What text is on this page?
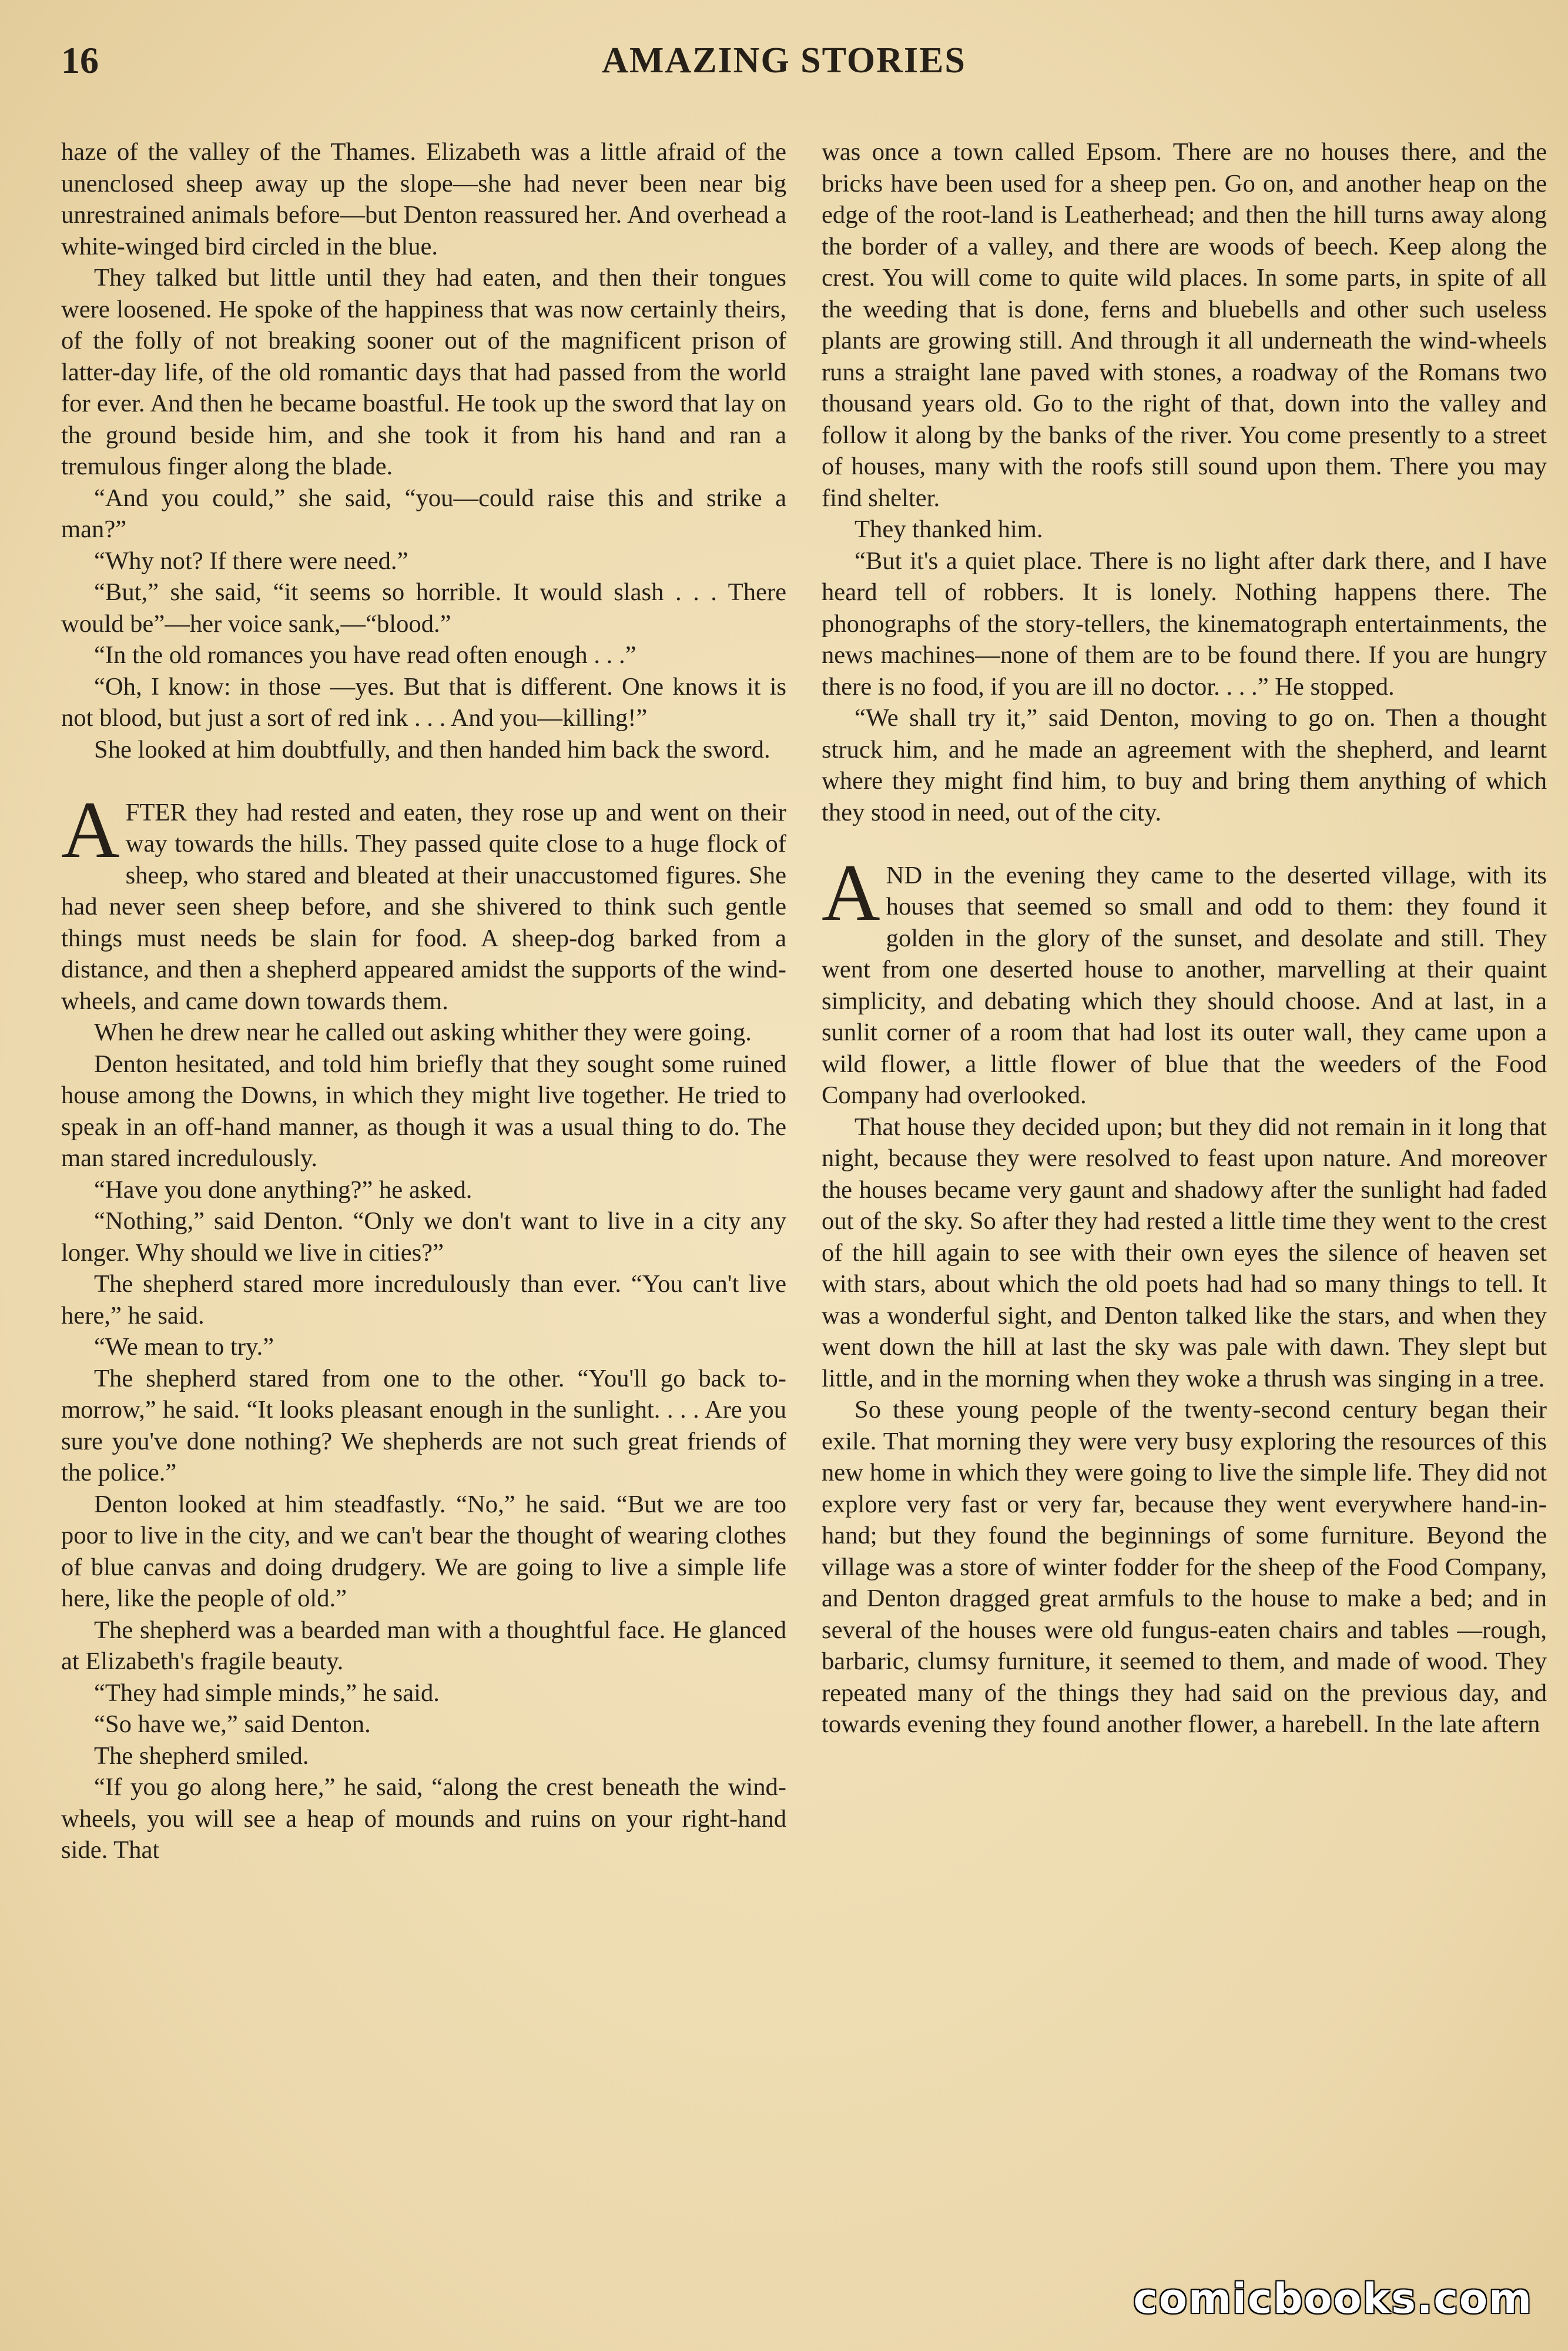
16	AMAZING STORIES

haze of the valley of the Thames. Elizabeth was a little afraid of the unenclosed sheep away up the slope—she had never been near big unrestrained animals before—but Denton reassured her. And overhead a white-winged bird circled in the blue.

They talked but little until they had eaten, and then their tongues were loosened. He spoke of the happiness that was now certainly theirs, of the folly of not breaking sooner out of the magnificent prison of latter-day life, of the old romantic days that had passed from the world for ever. And then he became boastful. He took up the sword that lay on the ground beside him, and she took it from his hand and ran a tremulous finger along the blade.

“And you could,” she said, “you—could raise this and strike a man?”

“Why not? If there were need.”

“But,” she said, “it seems so horrible. It would slash . . . There would be”—her voice sank,—“blood.”

“In the old romances you have read often enough . . .”

“Oh, I know: in those —yes. But that is different. One knows it is not blood, but just a sort of red ink . . . And you—killing!”

She looked at him doubtfully, and then handed him back the sword.

AFTER they had rested and eaten, they rose up and went on their way towards the hills. They passed quite close to a huge flock of sheep, who stared and bleated at their unaccustomed figures. She had never seen sheep before, and she shivered to think such gentle things must needs be slain for food. A sheep-dog barked from a distance, and then a shepherd appeared amidst the supports of the wind-wheels, and came down towards them.

When he drew near he called out asking whither they were going.

Denton hesitated, and told him briefly that they sought some ruined house among the Downs, in which they might live together. He tried to speak in an off-hand manner, as though it was a usual thing to do. The man stared incredulously.

“Have you done anything?” he asked.

“Nothing,” said Denton. “Only we don't want to live in a city any longer. Why should we live in cities?”

The shepherd stared more incredulously than ever. “You can't live here,” he said.

“We mean to try.”

The shepherd stared from one to the other. “You'll go back to-morrow,” he said. “It looks pleasant enough in the sunlight. . . . Are you sure you've done nothing? We shepherds are not such great friends of the police.”

Denton looked at him steadfastly. “No,” he said. “But we are too poor to live in the city, and we can't bear the thought of wearing clothes of blue canvas and doing drudgery. We are going to live a simple life here, like the people of old.”

The shepherd was a bearded man with a thoughtful face. He glanced at Elizabeth's fragile beauty.

“They had simple minds,” he said.

“So have we,” said Denton.

The shepherd smiled.

“If you go along here,” he said, “along the crest beneath the wind-wheels, you will see a heap of mounds and ruins on your right-hand side. That

was once a town called Epsom. There are no houses there, and the bricks have been used for a sheep pen. Go on, and another heap on the edge of the root-land is Leatherhead; and then the hill turns away along the border of a valley, and there are woods of beech. Keep along the crest. You will come to quite wild places. In some parts, in spite of all the weeding that is done, ferns and bluebells and other such useless plants are growing still. And through it all underneath the wind-wheels runs a straight lane paved with stones, a roadway of the Romans two thousand years old. Go to the right of that, down into the valley and follow it along by the banks of the river. You come presently to a street of houses, many with the roofs still sound upon them. There you may find shelter.

They thanked him.

“But it's a quiet place. There is no light after dark there, and I have heard tell of robbers. It is lonely. Nothing happens there. The phonographs of the story-tellers, the kinematograph entertainments, the news machines—none of them are to be found there. If you are hungry there is no food, if you are ill no doctor. . . .” He stopped.

“We shall try it,” said Denton, moving to go on. Then a thought struck him, and he made an agreement with the shepherd, and learnt where they might find him, to buy and bring them anything of which they stood in need, out of the city.

AND in the evening they came to the deserted village, with its houses that seemed so small and odd to them: they found it golden in the glory of the sunset, and desolate and still. They went from one deserted house to another, marvelling at their quaint simplicity, and debating which they should choose. And at last, in a sunlit corner of a room that had lost its outer wall, they came upon a wild flower, a little flower of blue that the weeders of the Food Company had overlooked.

That house they decided upon; but they did not remain in it long that night, because they were resolved to feast upon nature. And moreover the houses became very gaunt and shadowy after the sunlight had faded out of the sky. So after they had rested a little time they went to the crest of the hill again to see with their own eyes the silence of heaven set with stars, about which the old poets had had so many things to tell. It was a wonderful sight, and Denton talked like the stars, and when they went down the hill at last the sky was pale with dawn. They slept but little, and in the morning when they woke a thrush was singing in a tree.

So these young people of the twenty-second century began their exile. That morning they were very busy exploring the resources of this new home in which they were going to live the simple life. They did not explore very fast or very far, because they went everywhere hand-in-hand; but they found the beginnings of some furniture. Beyond the village was a store of winter fodder for the sheep of the Food Company, and Denton dragged great armfuls to the house to make a bed; and in several of the houses were old fungus-eaten chairs and tables —rough, barbaric, clumsy furniture, it seemed to them, and made of wood. They repeated many of the things they had said on the previous day, and towards evening they found another flower, a harebell. In the late aftern

comicbooks.com
